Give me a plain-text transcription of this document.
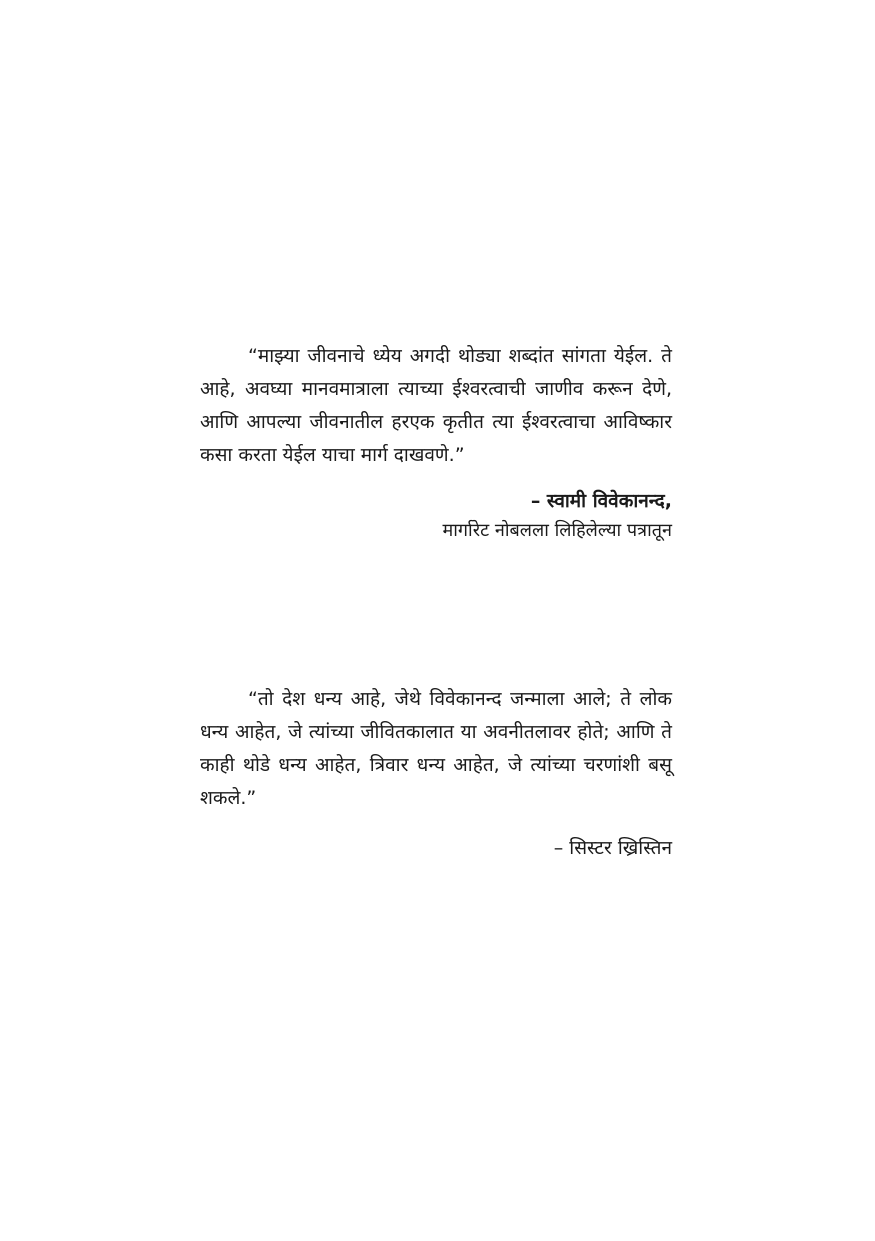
“माझ्या जीवनाचे ध्येय अगदी थोड्या शब्दांत सांगता येईल. ते आहे, अवघ्या मानवमात्राला त्याच्या ईश्वरत्वाची जाणीव करून देणे, आणि आपल्या जीवनातील हरएक कृतीत त्या ईश्वरत्वाचा आविष्कार कसा करता येईल याचा मार्ग दाखवणे.”

– स्वामी विवेकानन्द,

मार्गारेट नोबलला लिहिलेल्या पत्रातून

“तो देश धन्य आहे, जेथे विवेकानन्द जन्माला आले; ते लोक धन्य आहेत, जे त्यांच्या जीवितकालात या अवनीतलावर होते; आणि ते काही थोडे धन्य आहेत, त्रिवार धन्य आहेत, जे त्यांच्या चरणांशी बसू शकले.”

– सिस्टर ख्रिस्तिन
